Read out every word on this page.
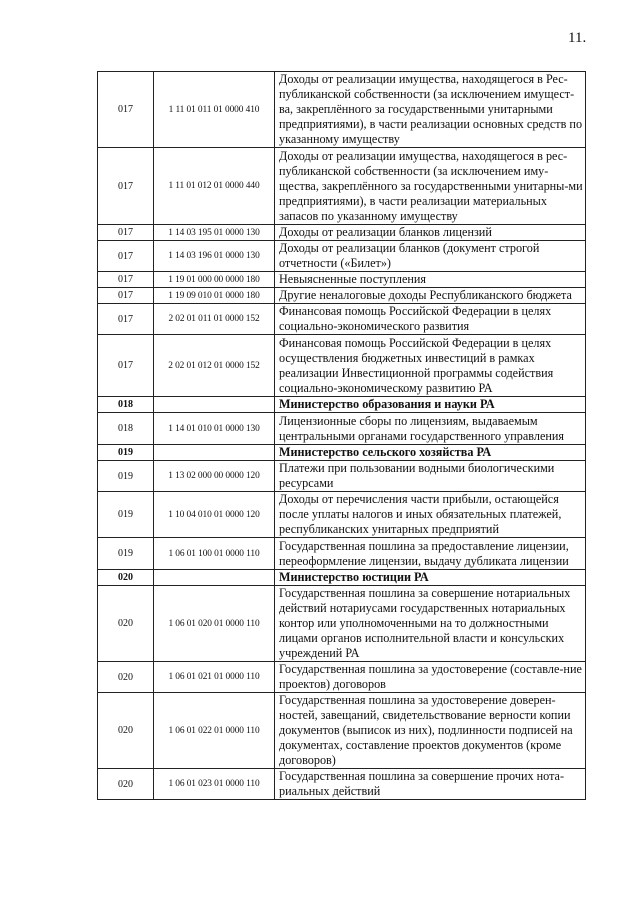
11.
017	1 11 01 011 01 0000 410	Доходы от реализации имущества, находящегося в Рес-публиканской собственности (за исключением имущест-ва, закреплённого за государственными унитарными предприятиями), в части реализации основных средств по указанному имуществу
017	1 11 01 012 01 0000 440	Доходы от реализации имущества, находящегося в рес-публиканской собственности (за исключением иму-щества, закреплённого за государственными унитарны-ми предприятиями), в части реализации материальных запасов по указанному имуществу
017	1 14 03 195 01 0000 130	Доходы от реализации бланков лицензий
017	1 14 03 196 01 0000 130	Доходы от реализации бланков (документ строгой отчетности («Билет»)
017	1 19 01 000 00 0000 180	Невыясненные поступления
017	1 19 09 010 01 0000 180	Другие неналоговые доходы Республиканского бюджета
017	2 02 01 011 01 0000 152	Финансовая помощь Российской Федерации в целях социально-экономического развития
017	2 02 01 012 01 0000 152	Финансовая помощь Российской Федерации в целях осуществления бюджетных инвестиций в рамках реализации Инвестиционной программы содействия социально-экономическому развитию РА
018		Министерство образования и науки РА
018	1 14 01 010 01 0000 130	Лицензионные сборы по лицензиям, выдаваемым центральными органами государственного управления
019		Министерство сельского хозяйства РА
019	1 13 02 000 00 0000 120	Платежи при пользовании водными биологическими ресурсами
019	1 10 04 010 01 0000 120	Доходы от перечисления части прибыли, остающейся после уплаты налогов и иных обязательных платежей, республиканских унитарных предприятий
019	1 06 01 100 01 0000 110	Государственная пошлина за предоставление лицензии, переоформление лицензии, выдачу дубликата лицензии
020		Министерство юстиции РА
020	1 06 01 020 01 0000 110	Государственная пошлина за совершение нотариальных действий нотариусами государственных нотариальных контор или уполномоченными на то должностными лицами органов исполнительной власти и консульских учреждений РА
020	1 06 01 021 01 0000 110	Государственная пошлина за удостоверение (составле-ние проектов) договоров
020	1 06 01 022 01 0000 110	Государственная пошлина за удостоверение доверен-ностей, завещаний, свидетельствование верности копии документов (выписок из них), подлинности подписей на документах, составление проектов документов (кроме договоров)
020	1 06 01 023 01 0000 110	Государственная пошлина за совершение прочих нота-риальных действий
